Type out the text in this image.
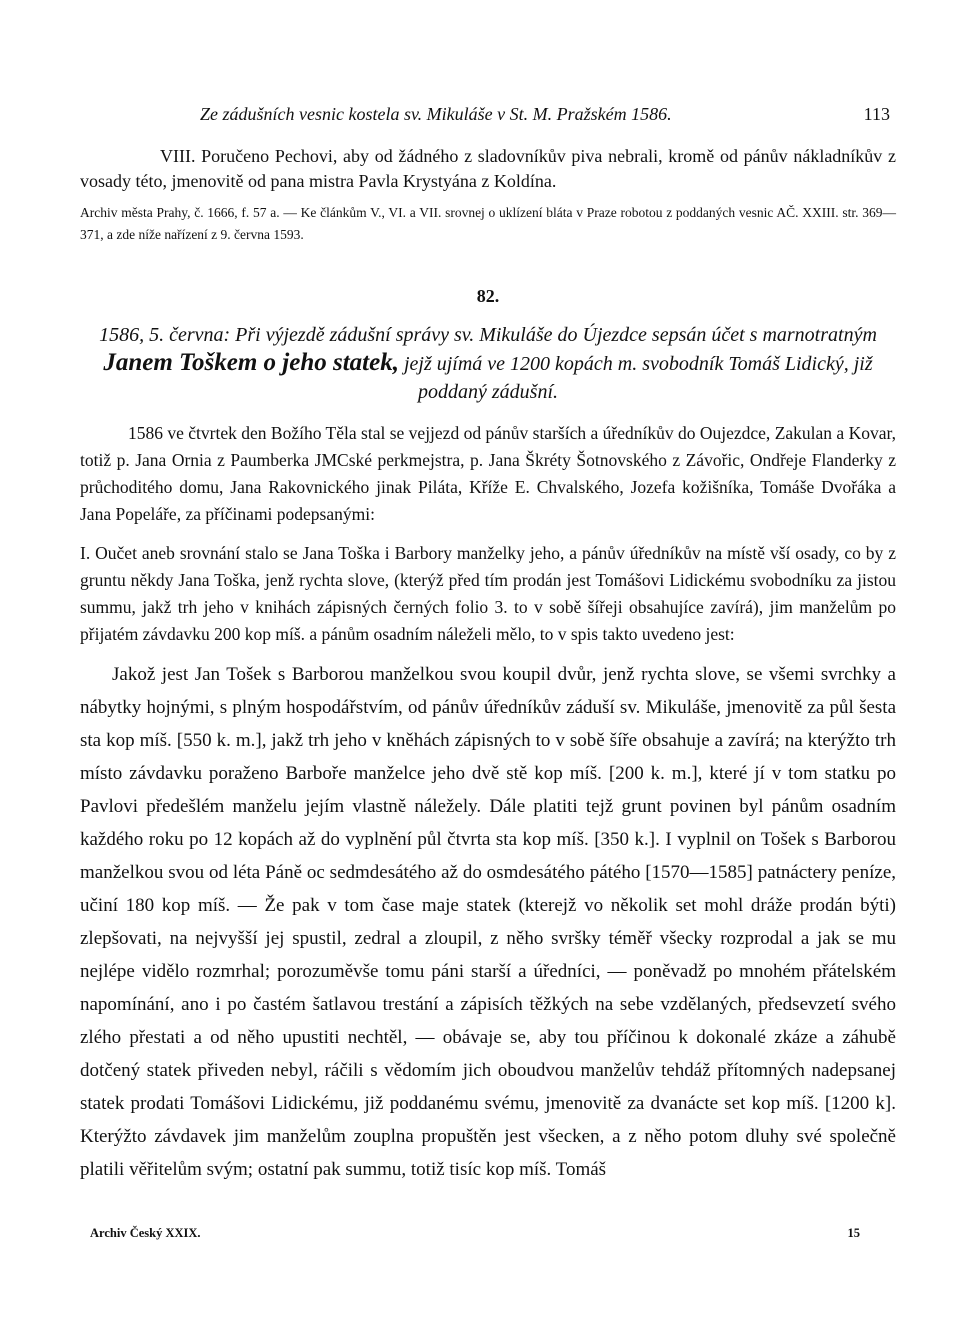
Ze zádušních vesnic kostela sv. Mikuláše v St. M. Pražském 1586.	113

VIII. Poručeno Pechovi, aby od žádného z sladovníkův piva nebrali, kromě od pánův nákladníkův z vosady této, jmenovitě od pana mistra Pavla Krystyána z Koldína.

Archiv města Prahy, č. 1666, f. 57 a. — Ke článkům V., VI. a VII. srovnej o uklízení bláta v Praze robotou z poddaných vesnic AČ. XXIII. str. 369—371, a zde níže nařízení z 9. června 1593.

82.
1586, 5. června: Při výjezdě zádušní správy sv. Mikuláše do Újezdce sepsán účet s marnotratným Janem Toškem o jeho statek, jejž ujímá ve 1200 kopách m. svobodník Tomáš Lidický, již poddaný zádušní.

1586 ve čtvrtek den Božího Těla stal se vejjezd od pánův starších a úředníkův do Oujezdce, Zakulan a Kovar, totiž p. Jana Ornia z Paumberka JMCské perkmejstra, p. Jana Škréty Šotnovského z Závořic, Ondřeje Flanderky z průchoditého domu, Jana Rakovnického jinak Piláta, Kříže E. Chvalského, Jozefa kožišníka, Tomáše Dvořáka a Jana Popeláře, za příčinami podepsanými:

I. Oučet aneb srovnání stalo se Jana Toška i Barbory manželky jeho, a pánův úředníkův na místě vší osady, co by z gruntu někdy Jana Toška, jenž rychta slove, (kterýž před tím prodán jest Tomášovi Lidickému svobodníku za jistou summu, jakž trh jeho v knihách zápisných černých folio 3. to v sobě šířeji obsahujíce zavírá), jim manželům po přijatém závdavku 200 kop míš. a pánům osadním náleželi mělo, to v spis takto uvedeno jest:

Jakož jest Jan Tošek s Barborou manželkou svou koupil dvůr, jenž rychta slove, se všemi svrchky a nábytky hojnými, s plným hospodářstvím, od pánův úředníkův záduší sv. Mikuláše, jmenovitě za půl šesta sta kop míš. [550 k. m.], jakž trh jeho v kněhách zápisných to v sobě šíře obsahuje a zavírá; na kterýžto trh místo závdavku poraženo Barboře manželce jeho dvě stě kop míš. [200 k. m.], které jí v tom statku po Pavlovi předešlém manželu jejím vlastně náležely. Dále platiti tejž grunt povinen byl pánům osadním každého roku po 12 kopách až do vyplnění půl čtvrta sta kop míš. [350 k.]. I vyplnil on Tošek s Barborou manželkou svou od léta Páně oc sedmdesátého až do osmdesátého pátého [1570—1585] patnáctery peníze, učiní 180 kop míš. — Že pak v tom čase maje statek (kterejž vo několik set mohl dráže prodán býti) zlepšovati, na nejvyšší jej spustil, zedral a zloupil, z něho svršky téměř všecky rozprodal a jak se mu nejlépe vidělo rozmrhal; porozuměvše tomu páni starší a úředníci, — poněvadž po mnohém přátelském napomínání, ano i po častém šatlavou trestání a zápisích těžkých na sebe vzdělaných, předsevzetí svého zlého přestati a od něho upustiti nechtěl, — obávaje se, aby tou příčinou k dokonalé zkáze a záhubě dotčený statek přiveden nebyl, ráčili s vědomím jich oboudvou manželův tehdáž přítomných nadepsanej statek prodati Tomášovi Lidickému, již poddanému svému, jmenovitě za dvanácte set kop míš. [1200 k]. Kterýžto závdavek jim manželům zouplna propuštěn jest všecken, a z něho potom dluhy své společně platili věřitelům svým; ostatní pak summu, totiž tisíc kop míš. Tomáš

Archiv Český XXIX.	15
